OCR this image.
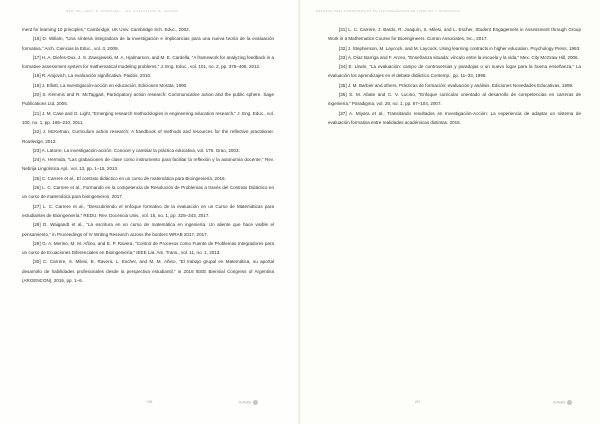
MERI DEL ARNO, R. GONZÁLEZ — INS. 2/VALUACIÓN IE. VALIDEZ

ment for learning 10 principles,” Cambridge, UK Univ. Cambridge Sch. Educ., 2002.

[16] D. Wiliam, “Una síntesis integradora de la investigación e implicancias para una nueva teoría de la evaluación formativa,” Arch. Ciencias la Educ., vol. 3, 2009.

[17] H. A. Diefes-Dux, J. S. Zawojewski, M. A. Hjalmarson, and M. E. Cardella, “A framework for analyzing feedback in a formative assessment system for mathematical modeling problems,” J. Eng. Educ., vol. 101, no. 2, pp. 375–406, 2012.

[18] R. Anijovich, La evaluación significativa. Paidós, 2010.

[19] J. Elliott, La investigación-acción en educación. Ediciones Morata, 1990.

[20] S. Kemmis and R. McTaggart, Participatory action research: Communicative action and the public sphere. Sage Publications Ltd, 2005.

[21] J. M. Case and G. Light, “Emerging research methodologies in engineering education research,” J. Eng. Educ., vol. 100, no. 1, pp. 186–210, 2011.

[22] J. McKernan, Curriculum action research: A handbook of methods and resources for the reflective practitioner. Routledge, 2013.

[23] A. Latorre, La investigación-acción: Conocer y cambiar la práctica educativa, vol. 179. Grao, 2003.

[24] A. Hermida, “Las grabaciones de clase como instrumento para facilitar la reflexión y la autonomía docente,” Rev. Nebrija Lingüística Apl., vol. 13, pp. 1–15, 2013.

[25] C. Carrere et al., El contrato didáctico en un curso de matemática para Bioingeniería. 2016.

[26] L. C. Carrere et al., Formando en la competencia de Resolución de Problemas a través del Contrato Didáctico en un curso de matemática para bioingenieros. 2017.

[27] L. C. Carrere et al., “Descubriendo el enfoque formativo de la evaluación en un Curso de Matemáticas para estudiantes de Bioingeniería,” REDU. Rev. Docencia Univ., vol. 15, no. 1, pp. 325–343, 2017.

[28] D. Waigandt et al., “La escritura en un curso de matemática en ingeniería. Un aliente que hace visible el pensamiento,” in Proceedings of IV Writing Research across the borders WRAB 2017, 2017.

[29] G. A. Merino, M. M. Añino, and E. P. Ravera, “Control de Procesos como Fuente de Problemas Integradores para un curso de Ecuaciones Diferenciales en Bioingeniería,” IEEE Lat. Am. Trans., vol. 11, no. 1, 2013.

[30] C. Carrere, S. Milesi, E. Ravera, L. Escher, and M. M. Añino, “El trabajo grupal en Matemática, su aportal desarrollo de habilidades profesionales desde la perspectiva estudiantil,” in 2016 IEEE Biennial Congress of Argentina (ARGENCON), 2016, pp. 1–6.

206	Kol'lektiv
ENFOQUE PARA COMPETENCIAS EN LAS ENSEÑANZAS DE CIENCIAS Y TECNOLOGÍA

[31] L. C. Carrere, J. Bardo, R. Joaquín, S. Milesi, and L. Escher, Student Engagement in Assessment through Group Work in a Mathematics Course for Bioengineers. Curran Associates, Inc., 2017.

[32] J. Stephenson, M. Laycock, and M. Laycock, Using learning contracts in higher education. Psychology Press, 1993.

[33] Á. Díaz Barriga and F. Arceo, “Enseñanza situada: vínculo entre la escuela y la vida,” Mex. City McGraw Hill, 2006.

[34] E. Litwin, “La evaluación: campo de controversias y paradojas o un nuevo lugar para la buena enseñanza,” La evaluación los aprendizajes en el debate didáctico Contemp., pp. 11–33, 1998.

[35] J. M. Barbier and others, Prácticas de formación: evaluación y análisis. Ediciones Novedades Educativas, 1999.

[36] S. M. Abate and C. V. Lucino, “Enfoque curricular orientado al desarrollo de competencias en carreras de ingeniería,” Paradigma, vol. 28, no. 1, pp. 87–104, 2007.

[37] A. Miyara et al., Transitando resultados en Investigación-Acción: La experiencia de adaptar un sistema de evaluación formativa entre realidades académicas distintas. 2015.

207	Kol'lektiv
